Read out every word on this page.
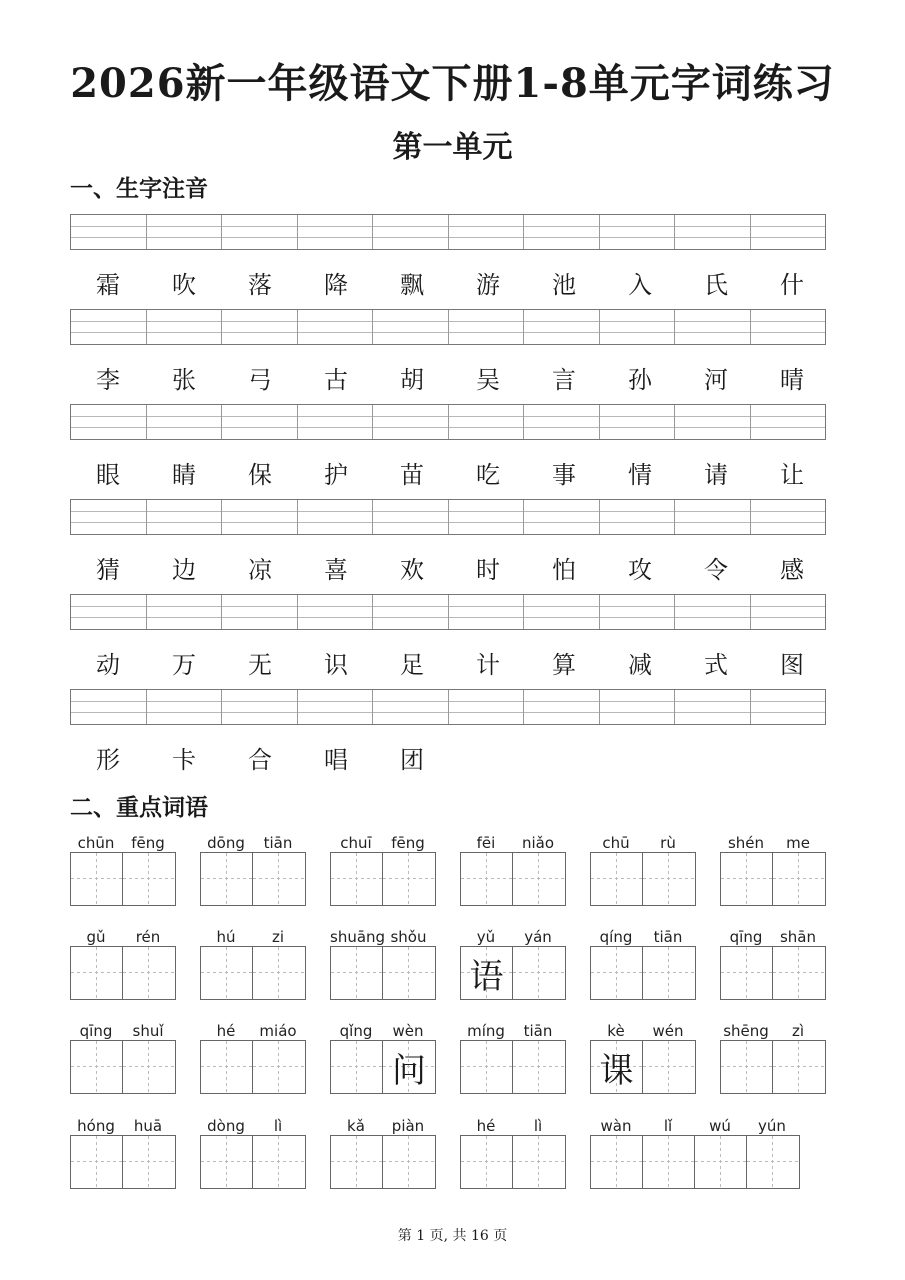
2026新一年级语文下册1-8单元字词练习
第一单元
一、生字注音
霜	吹	落	降	飘	游	池	入	氏	什
李	张	弓	古	胡	吴	言	孙	河	晴
眼	睛	保	护	苗	吃	事	情	请	让
猜	边	凉	喜	欢	时	怕	攻	令	感
动	万	无	识	足	计	算	减	式	图
形	卡	合	唱	团
二、重点词语
chūn	fēng	dōng	tiān	chuī	fēng	fēi	niǎo	chū	rù	shén	me
gǔ	rén	hú	zi	shuāng shǒu	yǔ	yán
语
qíng	tiān	qīng	shān
qīng	shuǐ	hé	miáo	qǐng	wèn
问
míng	tiān	kè	wén
课
shēng	zì
hóng	huā	dòng	lì	kǎ	piàn	hé	lì	wàn	lǐ	wú	yún
第 1 页, 共 16 页
